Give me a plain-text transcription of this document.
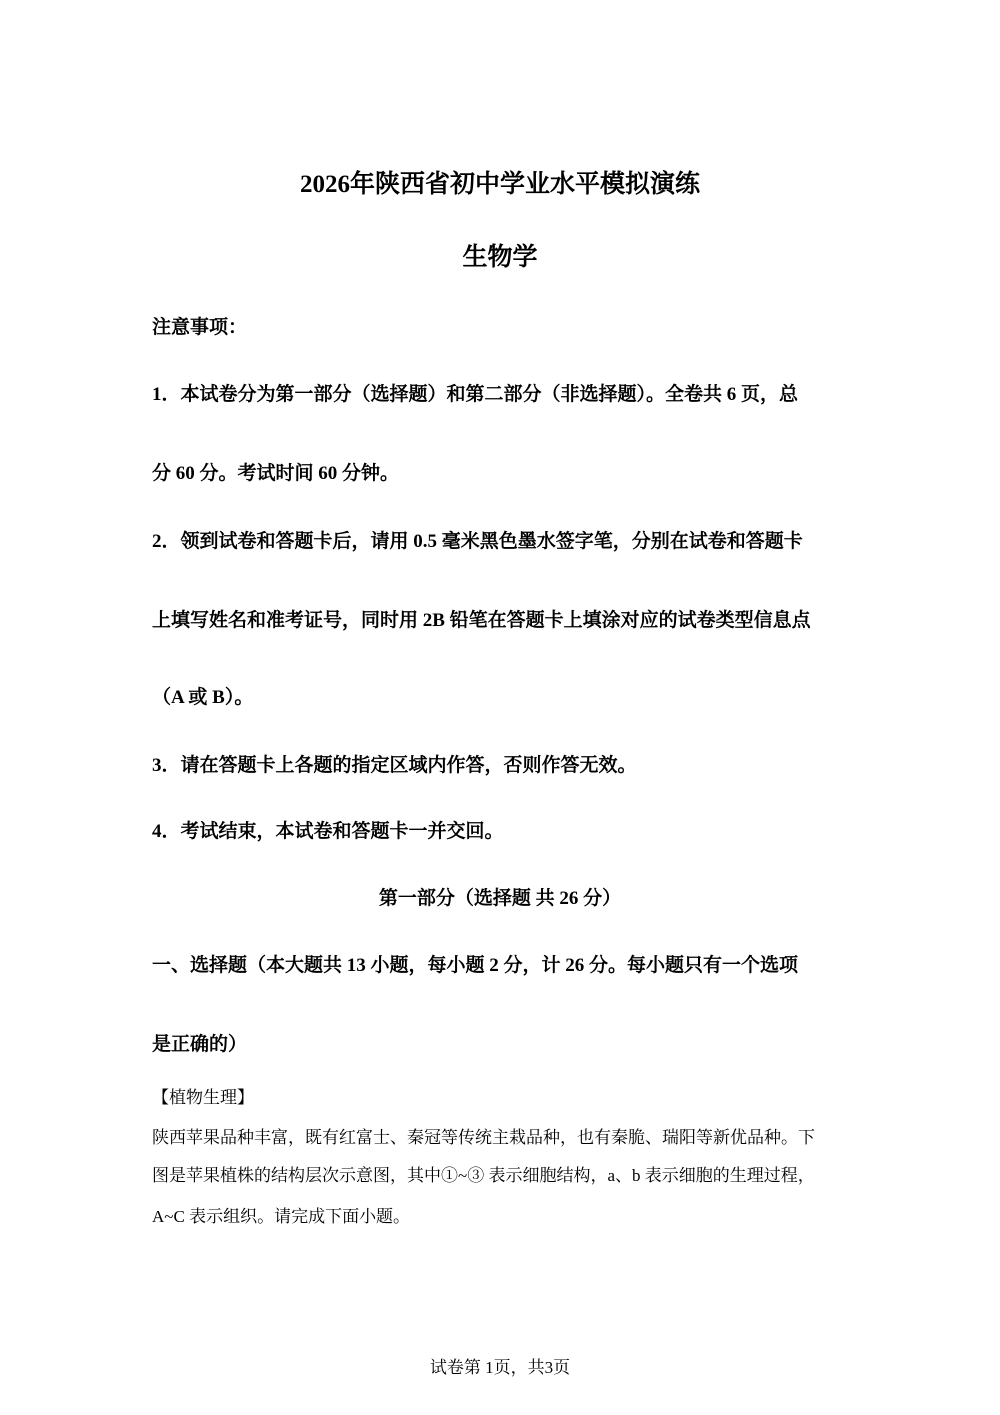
2026年陕西省初中学业水平模拟演练
生物学
注意事项：
1．本试卷分为第一部分（选择题）和第二部分（非选择题）。全卷共 6 页，总
分 60 分。考试时间 60 分钟。
2．领到试卷和答题卡后，请用 0.5 毫米黑色墨水签字笔，分别在试卷和答题卡
上填写姓名和准考证号，同时用 2B 铅笔在答题卡上填涂对应的试卷类型信息点
（A 或 B）。
3．请在答题卡上各题的指定区域内作答，否则作答无效。
4．考试结束，本试卷和答题卡一并交回。
第一部分（选择题 共 26 分）
一、选择题（本大题共 13 小题，每小题 2 分，计 26 分。每小题只有一个选项
是正确的）
【植物生理】
陕西苹果品种丰富，既有红富士、秦冠等传统主栽品种，也有秦脆、瑞阳等新优品种。下
图是苹果植株的结构层次示意图，其中①~③ 表示细胞结构，a、b 表示细胞的生理过程，
A~C 表示组织。请完成下面小题。
试卷第 1页，共3页
